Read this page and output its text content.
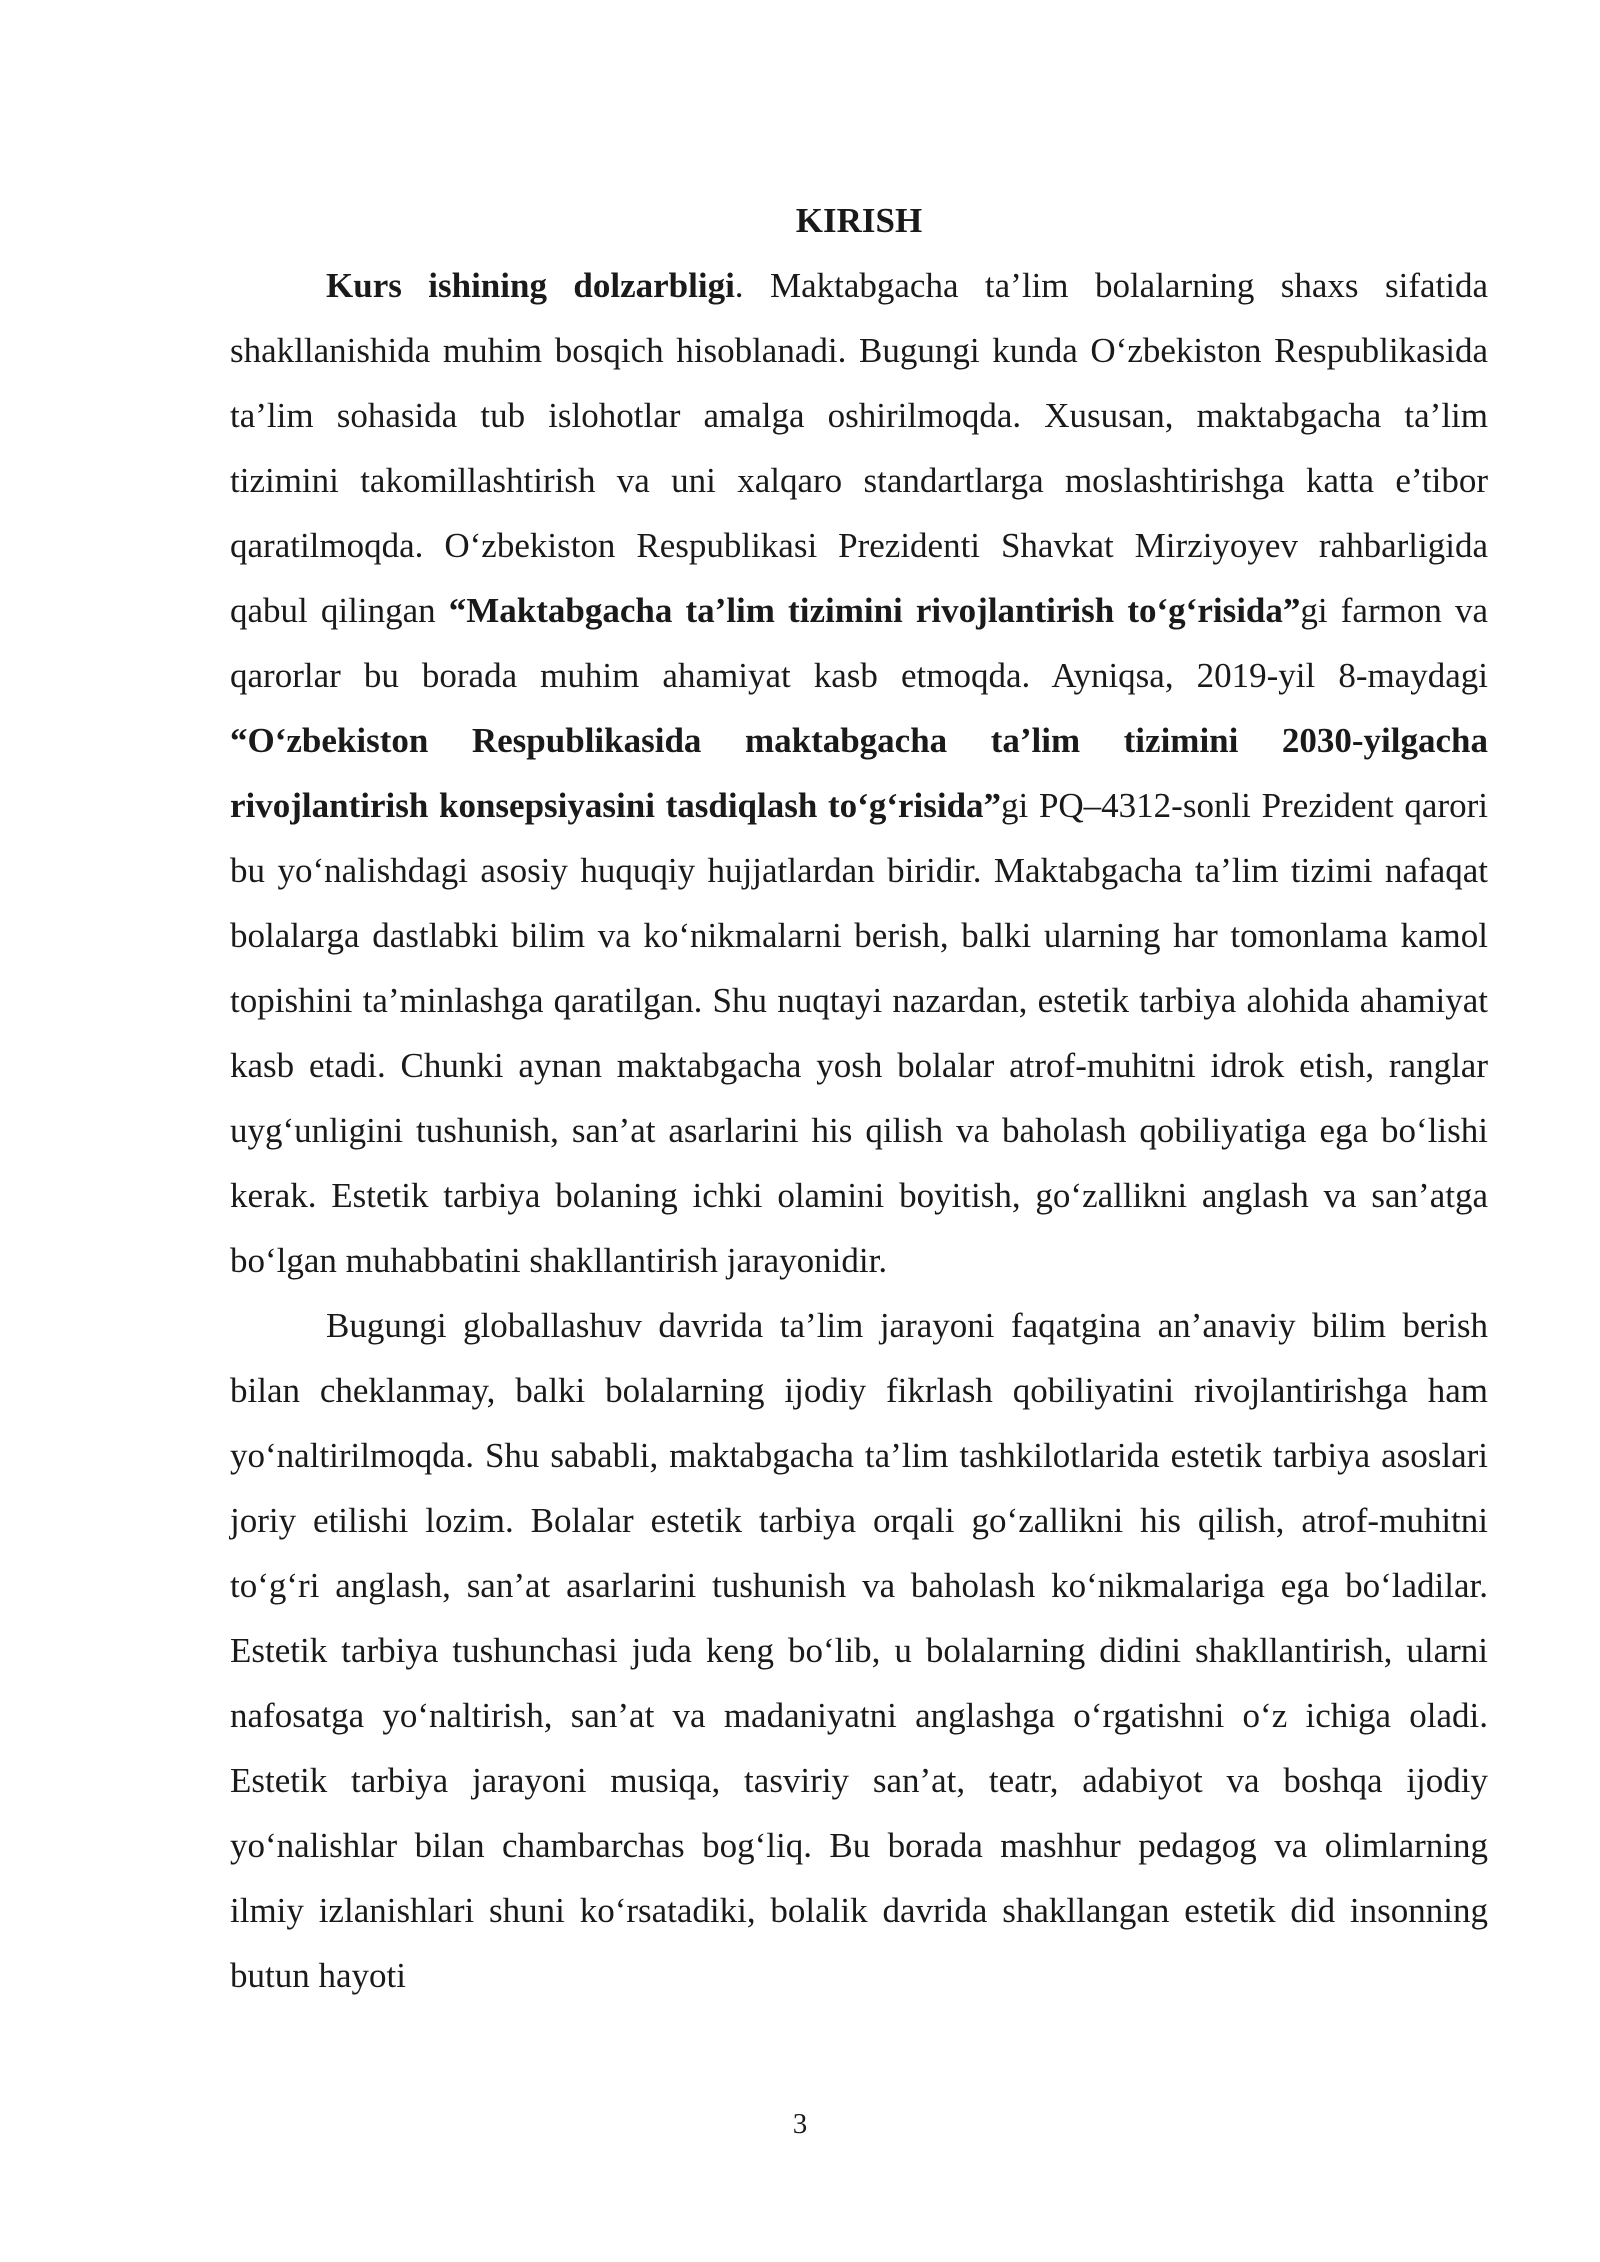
KIRISH

Kurs ishining dolzarbligi. Maktabgacha ta’lim bolalarning shaxs sifatida shakllanishida muhim bosqich hisoblanadi. Bugungi kunda O‘zbekiston Respublikasida ta’lim sohasida tub islohotlar amalga oshirilmoqda. Xususan, maktabgacha ta’lim tizimini takomillashtirish va uni xalqaro standartlarga moslashtirishga katta e’tibor qaratilmoqda. O‘zbekiston Respublikasi Prezidenti Shavkat Mirziyoyev rahbarligida qabul qilingan “Maktabgacha ta’lim tizimini rivojlantirish to‘g‘risida”gi farmon va qarorlar bu borada muhim ahamiyat kasb etmoqda. Ayniqsa, 2019-yil 8-maydagi “O‘zbekiston Respublikasida maktabgacha ta’lim tizimini 2030-yilgacha rivojlantirish konsepsiyasini tasdiqlash to‘g‘risida”gi PQ–4312-sonli Prezident qarori bu yo‘nalishdagi asosiy huquqiy hujjatlardan biridir. Maktabgacha ta’lim tizimi nafaqat bolalarga dastlabki bilim va ko‘nikmalarni berish, balki ularning har tomonlama kamol topishini ta’minlashga qaratilgan. Shu nuqtayi nazardan, estetik tarbiya alohida ahamiyat kasb etadi. Chunki aynan maktabgacha yosh bolalar atrof-muhitni idrok etish, ranglar uyg‘unligini tushunish, san’at asarlarini his qilish va baholash qobiliyatiga ega bo‘lishi kerak. Estetik tarbiya bolaning ichki olamini boyitish, go‘zallikni anglash va san’atga bo‘lgan muhabbatini shakllantirish jarayonidir.

Bugungi globallashuv davrida ta’lim jarayoni faqatgina an’anaviy bilim berish bilan cheklanmay, balki bolalarning ijodiy fikrlash qobiliyatini rivojlantirishga ham yo‘naltirilmoqda. Shu sababli, maktabgacha ta’lim tashkilotlarida estetik tarbiya asoslari joriy etilishi lozim. Bolalar estetik tarbiya orqali go‘zallikni his qilish, atrof-muhitni to‘g‘ri anglash, san’at asarlarini tushunish va baholash ko‘nikmalariga ega bo‘ladilar. Estetik tarbiya tushunchasi juda keng bo‘lib, u bolalarning didini shakllantirish, ularni nafosatga yo‘naltirish, san’at va madaniyatni anglashga o‘rgatishni o‘z ichiga oladi. Estetik tarbiya jarayoni musiqa, tasviriy san’at, teatr, adabiyot va boshqa ijodiy yo‘nalishlar bilan chambarchas bog‘liq. Bu borada mashhur pedagog va olimlarning ilmiy izlanishlari shuni ko‘rsatadiki, bolalik davrida shakllangan estetik did insonning butun hayoti

3
